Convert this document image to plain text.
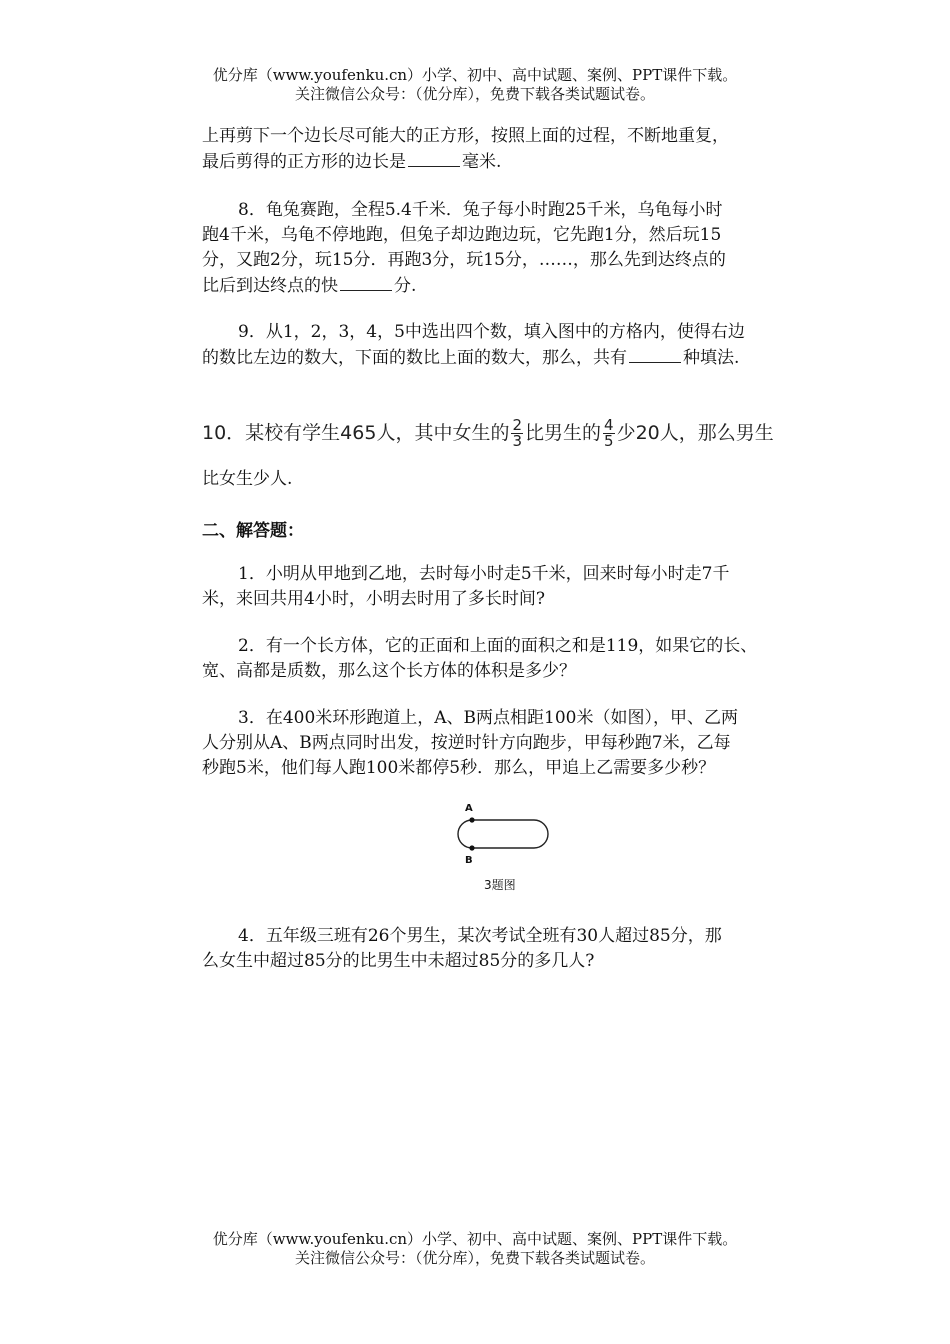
优分库（www.youfenku.cn）小学、初中、高中试题、案例、PPT课件下载。
关注微信公众号：（优分库），免费下载各类试题试卷。
上再剪下一个边长尽可能大的正方形，按照上面的过程，不断地重复，
最后剪得的正方形的边长是	毫米.
8．龟兔赛跑，全程5.4千米．兔子每小时跑25千米，乌龟每小时
跑4千米，乌龟不停地跑，但兔子却边跑边玩，它先跑1分，然后玩15
分，又跑2分，玩15分．再跑3分，玩15分，……，那么先到达终点的
比后到达终点的快	分.
9．从1，2，3，4，5中选出四个数，填入图中的方格内，使得右边
的数比左边的数大，下面的数比上面的数大，那么，共有	种填法.
10．某校有学生465人，其中女生的 $\frac{2}{3}$ 比男生的 $\frac{4}{5}$ 少20人，那么男生
比女生少人.
二、解答题：
1．小明从甲地到乙地，去时每小时走5千米，回来时每小时走7千
米，来回共用4小时，小明去时用了多长时间?
2．有一个长方体，它的正面和上面的面积之和是119，如果它的长、
宽、高都是质数，那么这个长方体的体积是多少？
3．在400米环形跑道上，A、B两点相距100米（如图），甲、乙两
人分别从A、B两点同时出发，按逆时针方向跑步，甲每秒跑7米，乙每
秒跑5米，他们每人跑100米都停5秒．那么，甲追上乙需要多少秒？
A
B
3题图
4．五年级三班有26个男生，某次考试全班有30人超过85分，那
么女生中超过85分的比男生中未超过85分的多几人?
优分库（www.youfenku.cn）小学、初中、高中试题、案例、PPT课件下载。
关注微信公众号：（优分库），免费下载各类试题试卷。
